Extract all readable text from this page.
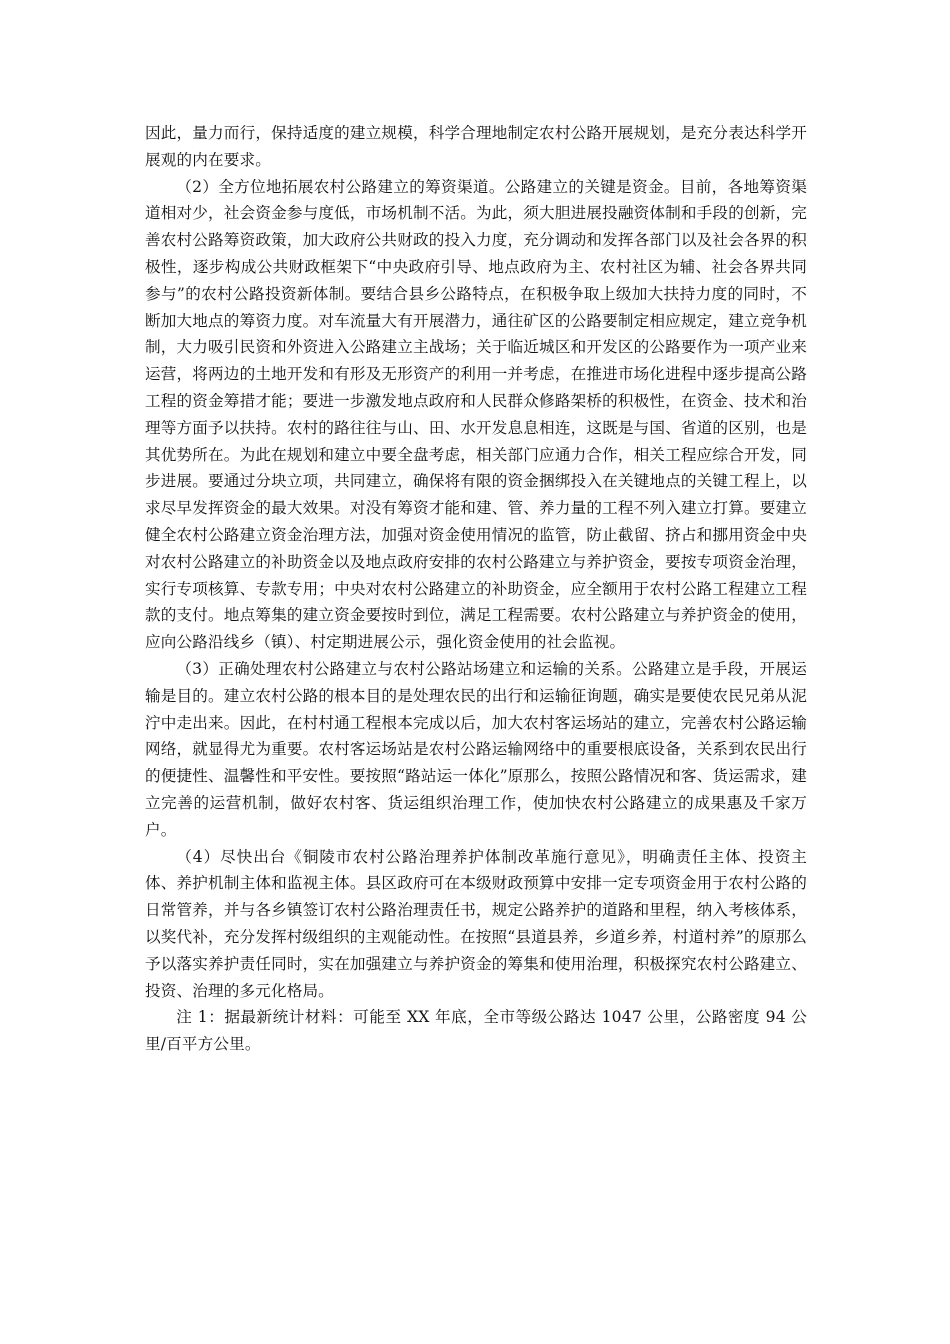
因此，量力而行，保持适度的建立规模，科学合理地制定农村公路开展规划，是充分表达科学开展观的内在要求。

（2）全方位地拓展农村公路建立的筹资渠道。公路建立的关键是资金。目前，各地筹资渠道相对少，社会资金参与度低，市场机制不活。为此，须大胆进展投融资体制和手段的创新，完善农村公路筹资政策，加大政府公共财政的投入力度，充分调动和发挥各部门以及社会各界的积极性，逐步构成公共财政框架下“中央政府引导、地点政府为主、农村社区为辅、社会各界共同参与”的农村公路投资新体制。要结合县乡公路特点，在积极争取上级加大扶持力度的同时，不断加大地点的筹资力度。对车流量大有开展潜力，通往矿区的公路要制定相应规定，建立竞争机制，大力吸引民资和外资进入公路建立主战场；关于临近城区和开发区的公路要作为一项产业来运营，将两边的土地开发和有形及无形资产的利用一并考虑，在推进市场化进程中逐步提高公路工程的资金筹措才能；要进一步激发地点政府和人民群众修路架桥的积极性，在资金、技术和治理等方面予以扶持。农村的路往往与山、田、水开发息息相连，这既是与国、省道的区别，也是其优势所在。为此在规划和建立中要全盘考虑，相关部门应通力合作，相关工程应综合开发，同步进展。要通过分块立项，共同建立，确保将有限的资金捆绑投入在关键地点的关键工程上，以求尽早发挥资金的最大效果。对没有筹资才能和建、管、养力量的工程不列入建立打算。要建立健全农村公路建立资金治理方法，加强对资金使用情况的监管，防止截留、挤占和挪用资金中央对农村公路建立的补助资金以及地点政府安排的农村公路建立与养护资金，要按专项资金治理，实行专项核算、专款专用；中央对农村公路建立的补助资金，应全额用于农村公路工程建立工程款的支付。地点筹集的建立资金要按时到位，满足工程需要。农村公路建立与养护资金的使用，应向公路沿线乡（镇）、村定期进展公示，强化资金使用的社会监视。

（3）正确处理农村公路建立与农村公路站场建立和运输的关系。公路建立是手段，开展运输是目的。建立农村公路的根本目的是处理农民的出行和运输征询题，确实是要使农民兄弟从泥泞中走出来。因此，在村村通工程根本完成以后，加大农村客运场站的建立，完善农村公路运输网络，就显得尤为重要。农村客运场站是农村公路运输网络中的重要根底设备，关系到农民出行的便捷性、温馨性和平安性。要按照“路站运一体化”原那么，按照公路情况和客、货运需求，建立完善的运营机制，做好农村客、货运组织治理工作，使加快农村公路建立的成果惠及千家万户。

（4）尽快出台《铜陵市农村公路治理养护体制改革施行意见》，明确责任主体、投资主体、养护机制主体和监视主体。县区政府可在本级财政预算中安排一定专项资金用于农村公路的日常管养，并与各乡镇签订农村公路治理责任书，规定公路养护的道路和里程，纳入考核体系，以奖代补，充分发挥村级组织的主观能动性。在按照“县道县养，乡道乡养，村道村养”的原那么予以落实养护责任同时，实在加强建立与养护资金的筹集和使用治理，积极探究农村公路建立、投资、治理的多元化格局。

注 1：据最新统计材料：可能至 XX 年底，全市等级公路达 1047 公里，公路密度 94 公里/百平方公里。
